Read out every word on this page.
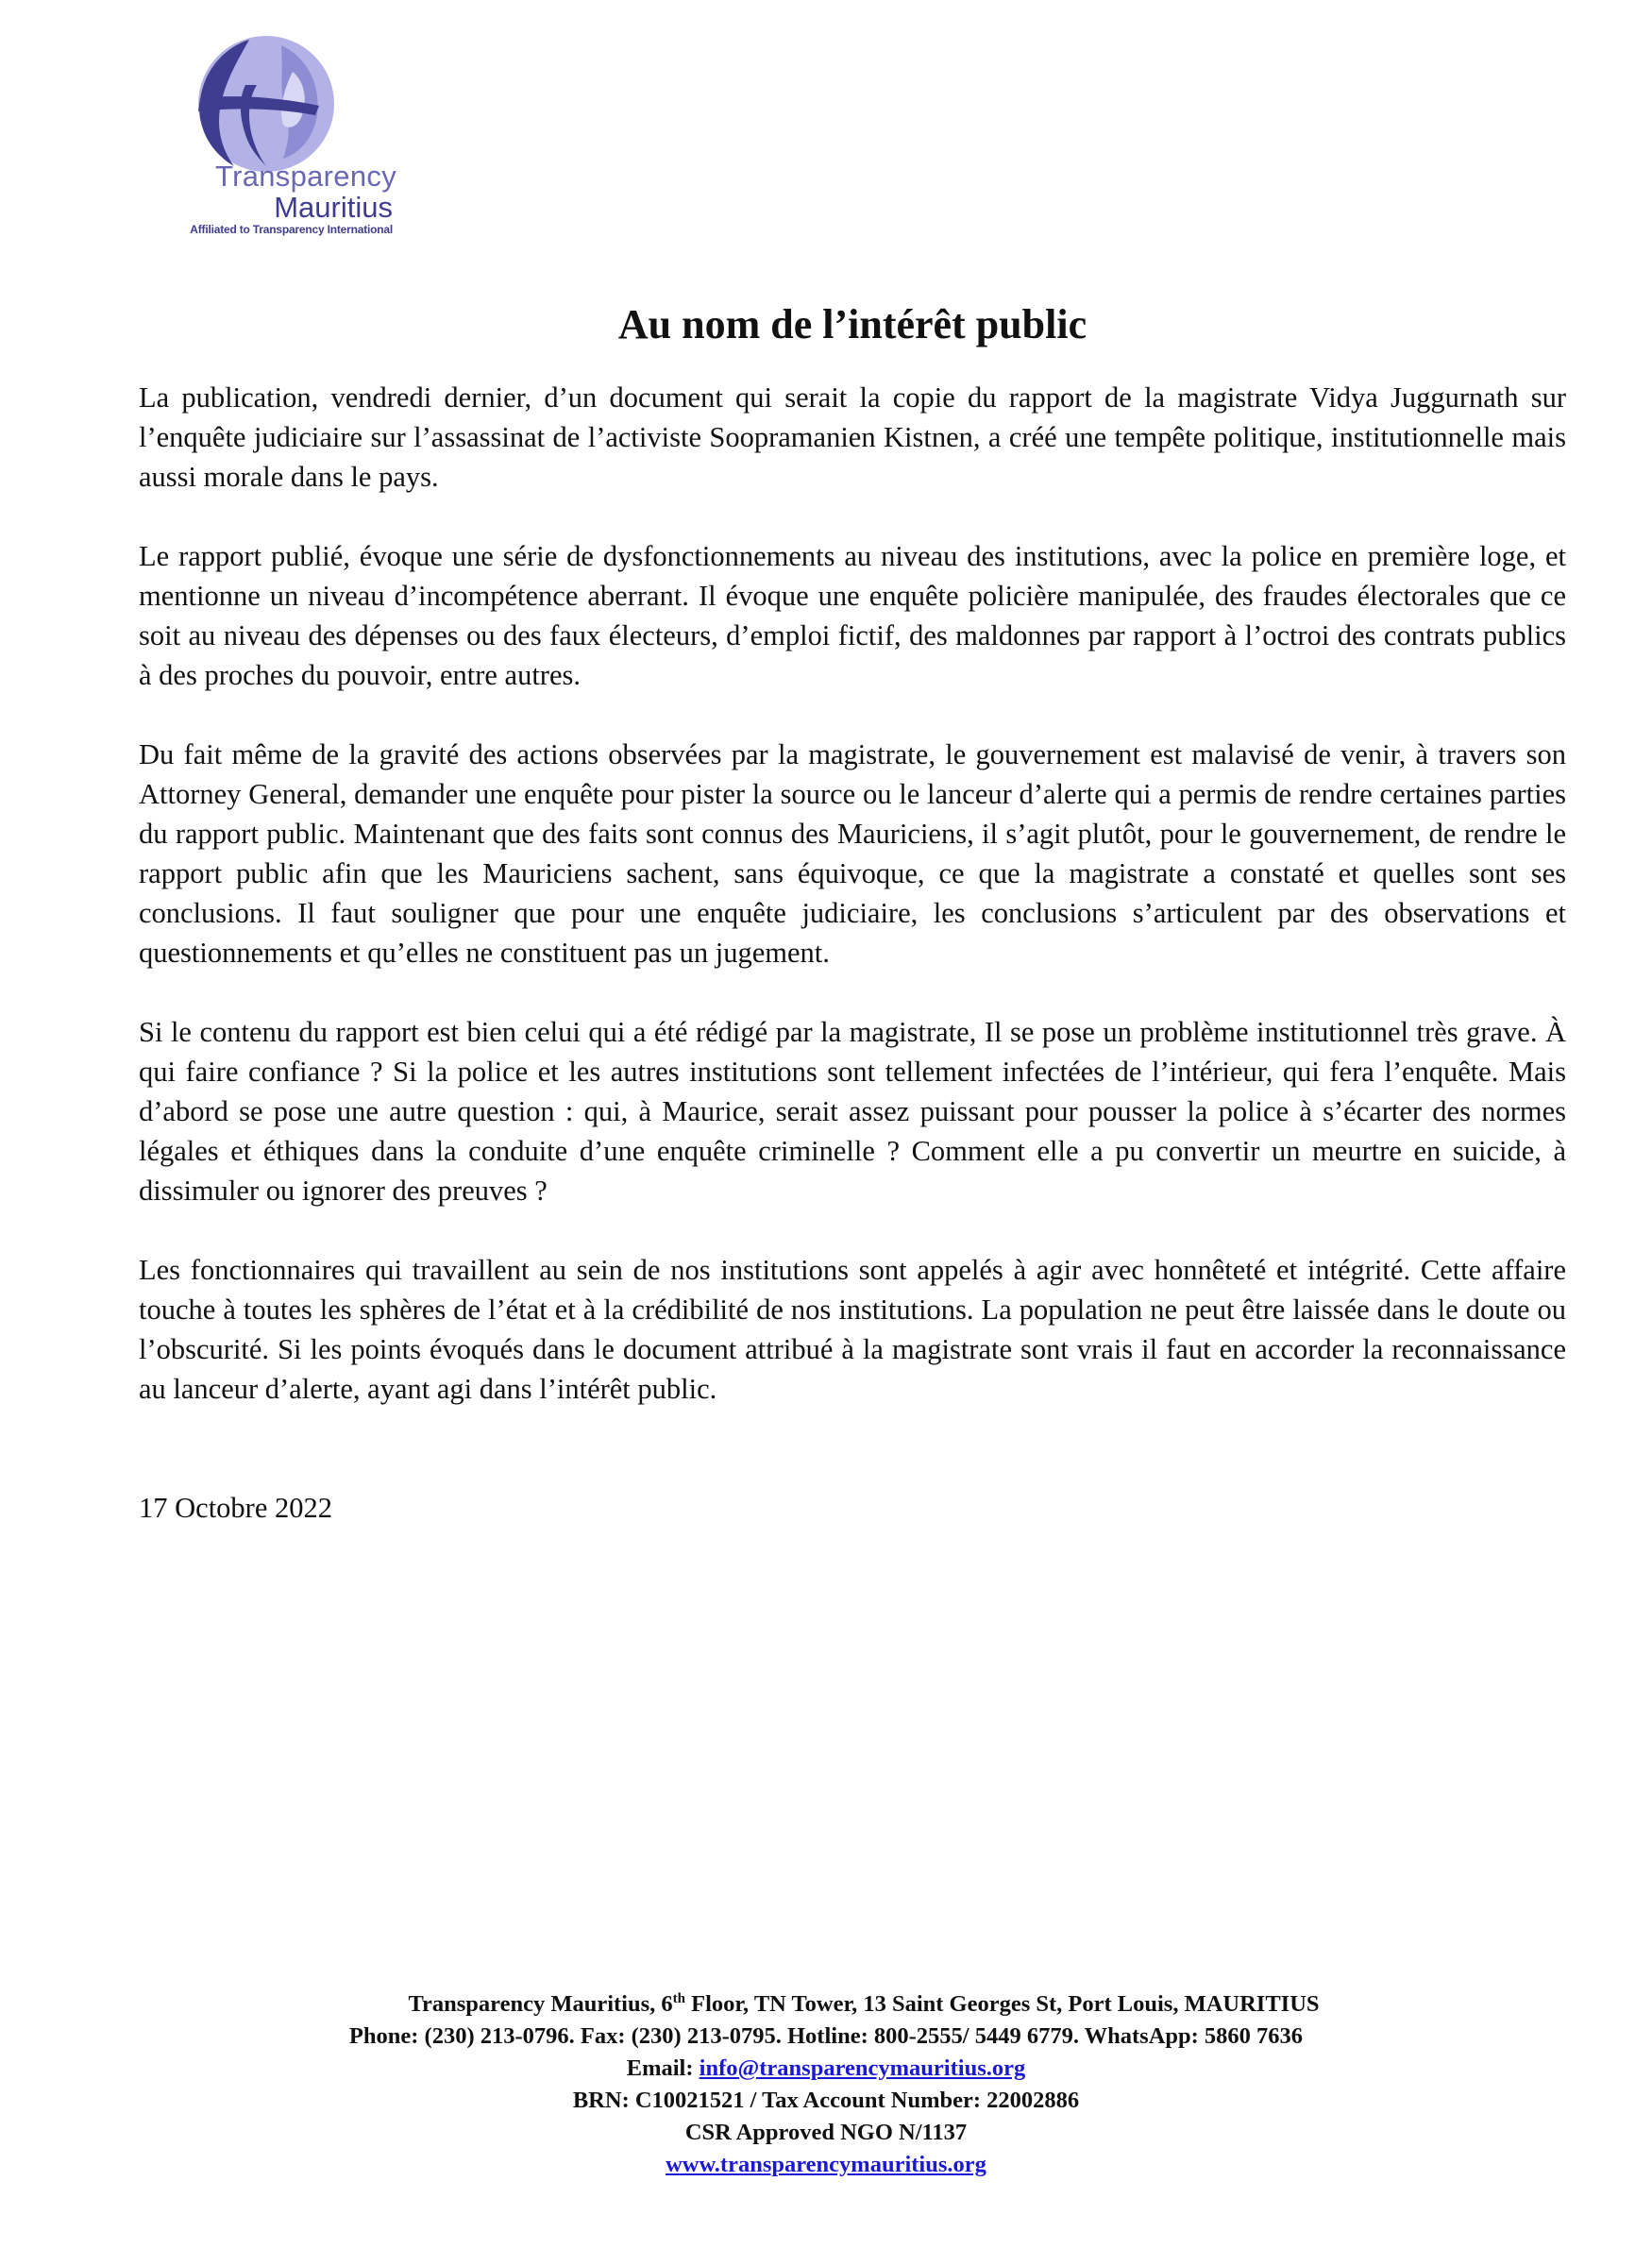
Transparency
Mauritius
Affiliated to Transparency International
Au nom de l’intérêt public

La publication, vendredi dernier, d’un document qui serait la copie du rapport de la magistrate Vidya Juggurnath sur l’enquête judiciaire sur l’assassinat de l’activiste Soopramanien Kistnen, a créé une tempête politique, institutionnelle mais aussi morale dans le pays.

Le rapport publié, évoque une série de dysfonctionnements au niveau des institutions, avec la police en première loge, et mentionne un niveau d’incompétence aberrant. Il évoque une enquête policière manipulée, des fraudes électorales que ce soit au niveau des dépenses ou des faux électeurs, d’emploi fictif, des maldonnes par rapport à l’octroi des contrats publics à des proches du pouvoir, entre autres.

Du fait même de la gravité des actions observées par la magistrate, le gouvernement est malavisé de venir, à travers son Attorney General, demander une enquête pour pister la source ou le lanceur d’alerte qui a permis de rendre certaines parties du rapport public. Maintenant que des faits sont connus des Mauriciens, il s’agit plutôt, pour le gouvernement, de rendre le rapport public afin que les Mauriciens sachent, sans équivoque, ce que la magistrate a constaté et quelles sont ses conclusions. Il faut souligner que pour une enquête judiciaire, les conclusions s’articulent par des observations et questionnements et qu’elles ne constituent pas un jugement.

Si le contenu du rapport est bien celui qui a été rédigé par la magistrate, Il se pose un problème institutionnel très grave. À qui faire confiance ? Si la police et les autres institutions sont tellement infectées de l’intérieur, qui fera l’enquête. Mais d’abord se pose une autre question : qui, à Maurice, serait assez puissant pour pousser la police à s’écarter des normes légales et éthiques dans la conduite d’une enquête criminelle ? Comment elle a pu convertir un meurtre en suicide, à dissimuler ou ignorer des preuves ?

Les fonctionnaires qui travaillent au sein de nos institutions sont appelés à agir avec honnêteté et intégrité. Cette affaire touche à toutes les sphères de l’état et à la crédibilité de nos institutions. La population ne peut être laissée dans le doute ou l’obscurité. Si les points évoqués dans le document attribué à la magistrate sont vrais il faut en accorder la reconnaissance au lanceur d’alerte, ayant agi dans l’intérêt public.

17 Octobre 2022
Transparency Mauritius, 6th Floor, TN Tower, 13 Saint Georges St, Port Louis, MAURITIUS
Phone: (230) 213-0796. Fax: (230) 213-0795. Hotline: 800-2555/ 5449 6779. WhatsApp: 5860 7636
Email: info@transparencymauritius.org
BRN: C10021521 / Tax Account Number: 22002886
CSR Approved NGO N/1137
www.transparencymauritius.org
